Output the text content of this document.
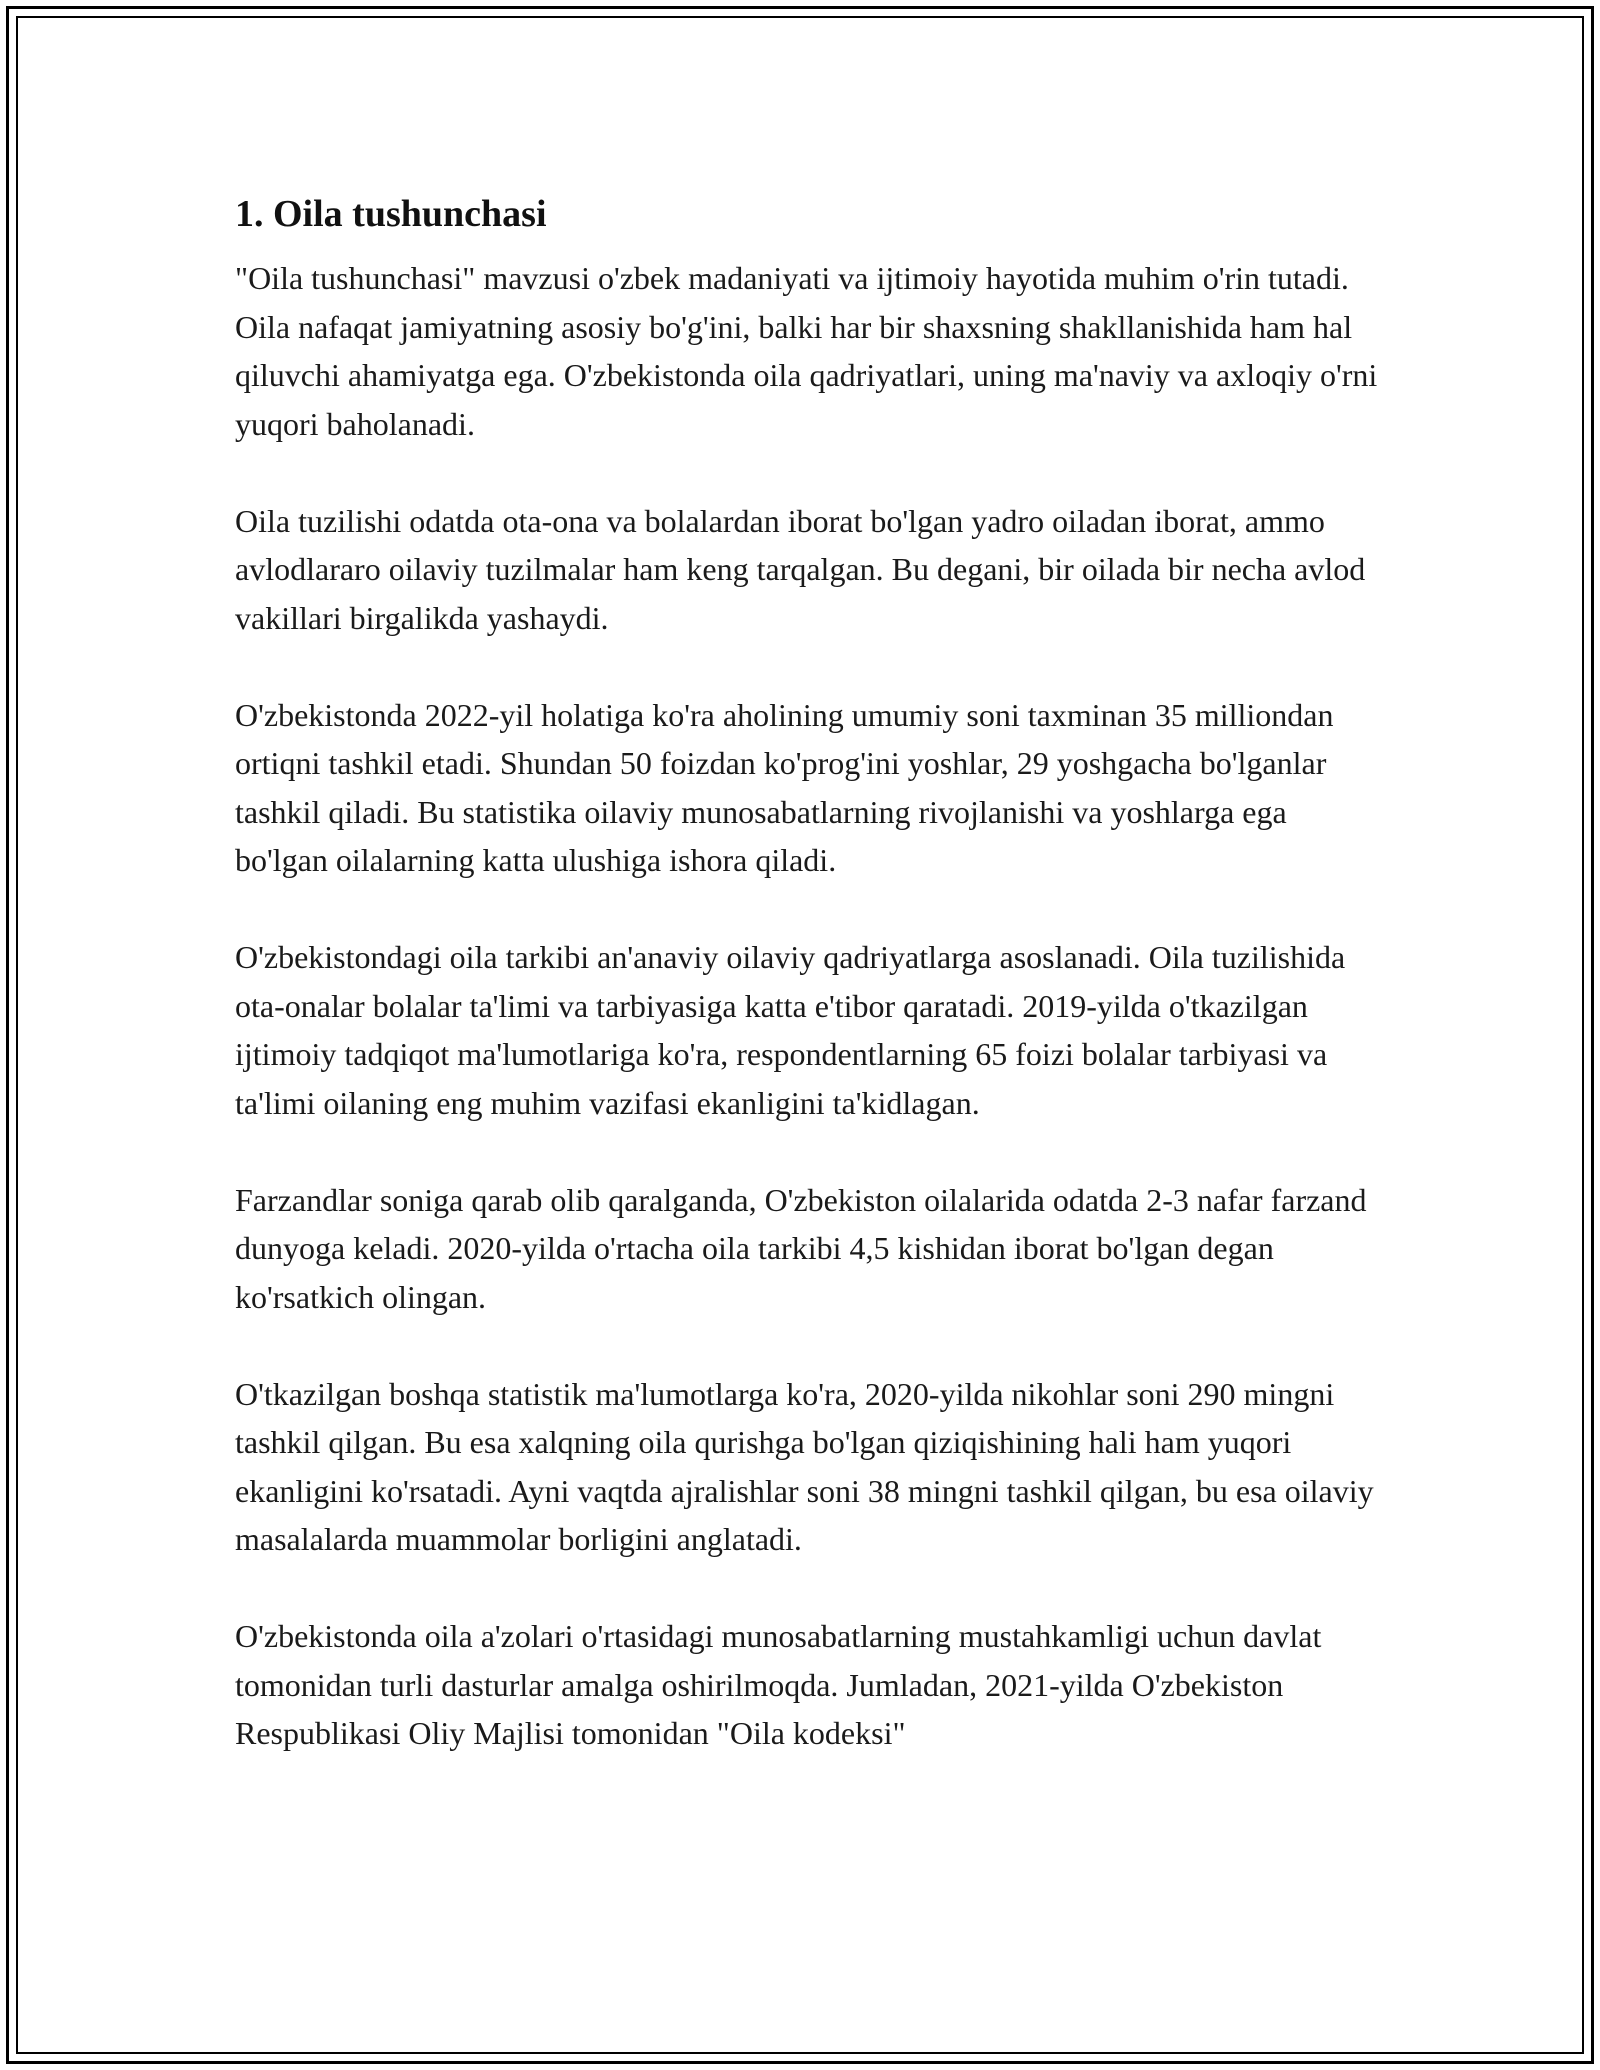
1. Oila tushunchasi

"Oila tushunchasi" mavzusi o'zbek madaniyati va ijtimoiy hayotida muhim o'rin tutadi. Oila nafaqat jamiyatning asosiy bo'g'ini, balki har bir shaxsning shakllanishida ham hal qiluvchi ahamiyatga ega. O'zbekistonda oila qadriyatlari, uning ma'naviy va axloqiy o'rni yuqori baholanadi.

Oila tuzilishi odatda ota-ona va bolalardan iborat bo'lgan yadro oiladan iborat, ammo avlodlararo oilaviy tuzilmalar ham keng tarqalgan. Bu degani, bir oilada bir necha avlod vakillari birgalikda yashaydi.

O'zbekistonda 2022-yil holatiga ko'ra aholining umumiy soni taxminan 35 milliondan ortiqni tashkil etadi. Shundan 50 foizdan ko'prog'ini yoshlar, 29 yoshgacha bo'lganlar tashkil qiladi. Bu statistika oilaviy munosabatlarning rivojlanishi va yoshlarga ega bo'lgan oilalarning katta ulushiga ishora qiladi.

O'zbekistondagi oila tarkibi an'anaviy oilaviy qadriyatlarga asoslanadi. Oila tuzilishida ota-onalar bolalar ta'limi va tarbiyasiga katta e'tibor qaratadi. 2019-yilda o'tkazilgan ijtimoiy tadqiqot ma'lumotlariga ko'ra, respondentlarning 65 foizi bolalar tarbiyasi va ta'limi oilaning eng muhim vazifasi ekanligini ta'kidlagan.

Farzandlar soniga qarab olib qaralganda, O'zbekiston oilalarida odatda 2-3 nafar farzand dunyoga keladi. 2020-yilda o'rtacha oila tarkibi 4,5 kishidan iborat bo'lgan degan ko'rsatkich olingan.

O'tkazilgan boshqa statistik ma'lumotlarga ko'ra, 2020-yilda nikohlar soni 290 mingni tashkil qilgan. Bu esa xalqning oila qurishga bo'lgan qiziqishining hali ham yuqori ekanligini ko'rsatadi. Ayni vaqtda ajralishlar soni 38 mingni tashkil qilgan, bu esa oilaviy masalalarda muammolar borligini anglatadi.

O'zbekistonda oila a'zolari o'rtasidagi munosabatlarning mustahkamligi uchun davlat tomonidan turli dasturlar amalga oshirilmoqda. Jumladan, 2021-yilda O'zbekiston Respublikasi Oliy Majlisi tomonidan "Oila kodeksi"
